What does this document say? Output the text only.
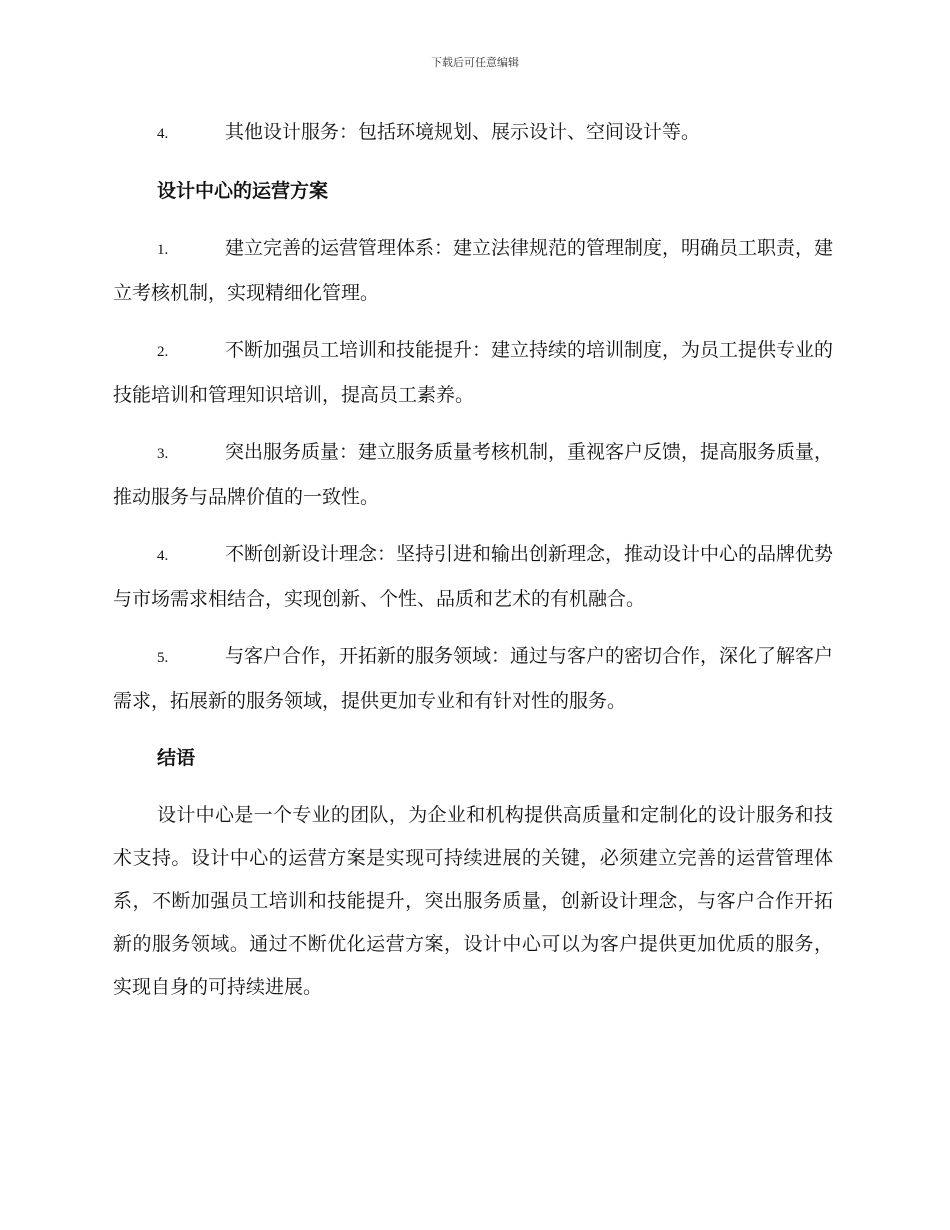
下载后可任意编辑
4.	其他设计服务：包括环境规划、展示设计、空间设计等。
设计中心的运营方案
1.	建立完善的运营管理体系：建立法律规范的管理制度，明确员工职责，建立考核机制，实现精细化管理。
2.	不断加强员工培训和技能提升：建立持续的培训制度，为员工提供专业的技能培训和管理知识培训，提高员工素养。
3.	突出服务质量：建立服务质量考核机制，重视客户反馈，提高服务质量，推动服务与品牌价值的一致性。
4.	不断创新设计理念：坚持引进和输出创新理念，推动设计中心的品牌优势与市场需求相结合，实现创新、个性、品质和艺术的有机融合。
5.	与客户合作，开拓新的服务领域：通过与客户的密切合作，深化了解客户需求，拓展新的服务领域，提供更加专业和有针对性的服务。
结语

设计中心是一个专业的团队，为企业和机构提供高质量和定制化的设计服务和技术支持。设计中心的运营方案是实现可持续进展的关键，必须建立完善的运营管理体系，不断加强员工培训和技能提升，突出服务质量，创新设计理念，与客户合作开拓新的服务领域。通过不断优化运营方案，设计中心可以为客户提供更加优质的服务，实现自身的可持续进展。
